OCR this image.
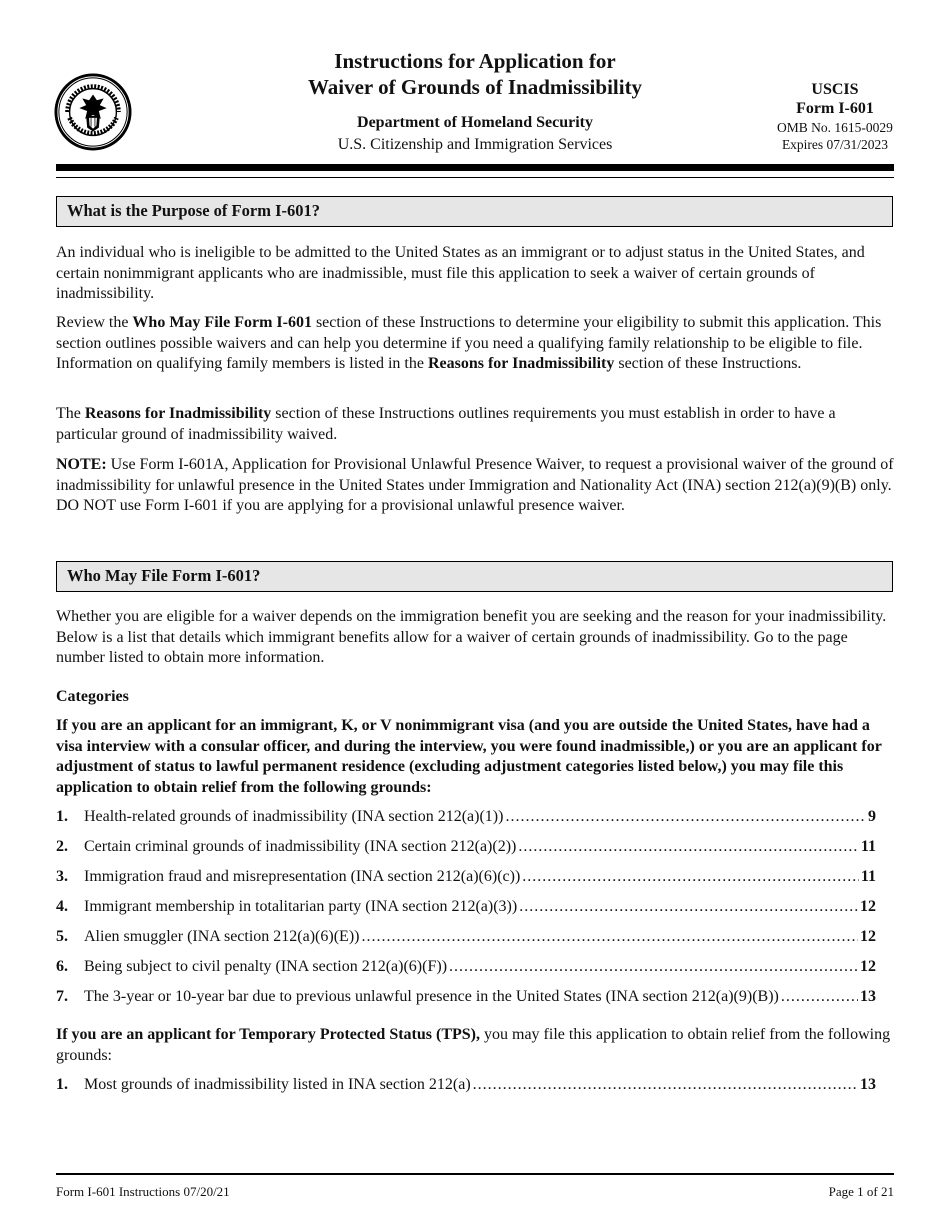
Instructions for Application for
Waiver of Grounds of Inadmissibility
Department of Homeland Security
U.S. Citizenship and Immigration Services
USCIS
Form I-601
OMB No. 1615-0029
Expires 07/31/2023
What is the Purpose of Form I-601?
An individual who is ineligible to be admitted to the United States as an immigrant or to adjust status in the United States, and certain nonimmigrant applicants who are inadmissible, must file this application to seek a waiver of certain grounds of inadmissibility.
Review the Who May File Form I-601 section of these Instructions to determine your eligibility to submit this application. This section outlines possible waivers and can help you determine if you need a qualifying family relationship to be eligible to file. Information on qualifying family members is listed in the Reasons for Inadmissibility section of these Instructions.
The Reasons for Inadmissibility section of these Instructions outlines requirements you must establish in order to have a particular ground of inadmissibility waived.
NOTE: Use Form I-601A, Application for Provisional Unlawful Presence Waiver, to request a provisional waiver of the ground of inadmissibility for unlawful presence in the United States under Immigration and Nationality Act (INA) section 212(a)(9)(B) only. DO NOT use Form I-601 if you are applying for a provisional unlawful presence waiver.
Who May File Form I-601?
Whether you are eligible for a waiver depends on the immigration benefit you are seeking and the reason for your inadmissibility. Below is a list that details which immigrant benefits allow for a waiver of certain grounds of inadmissibility. Go to the page number listed to obtain more information.
Categories
If you are an applicant for an immigrant, K, or V nonimmigrant visa (and you are outside the United States, have had a visa interview with a consular officer, and during the interview, you were found inadmissible,) or you are an applicant for adjustment of status to lawful permanent residence (excluding adjustment categories listed below,) you may file this application to obtain relief from the following grounds:
1. Health-related grounds of inadmissibility (INA section 212(a)(1)) .....	9
2. Certain criminal grounds of inadmissibility (INA section 212(a)(2)) .....	11
3. Immigration fraud and misrepresentation (INA section 212(a)(6)(c)) .....	11
4. Immigrant membership in totalitarian party (INA section 212(a)(3)) .....	12
5. Alien smuggler (INA section 212(a)(6)(E)) .....	12
6. Being subject to civil penalty (INA section 212(a)(6)(F)) .....	12
7. The 3-year or 10-year bar due to previous unlawful presence in the United States (INA section 212(a)(9)(B)) .....	13
If you are an applicant for Temporary Protected Status (TPS), you may file this application to obtain relief from the following grounds:
1. Most grounds of inadmissibility listed in INA section 212(a) .....	13
Form I-601 Instructions 07/20/21	Page 1 of 21
